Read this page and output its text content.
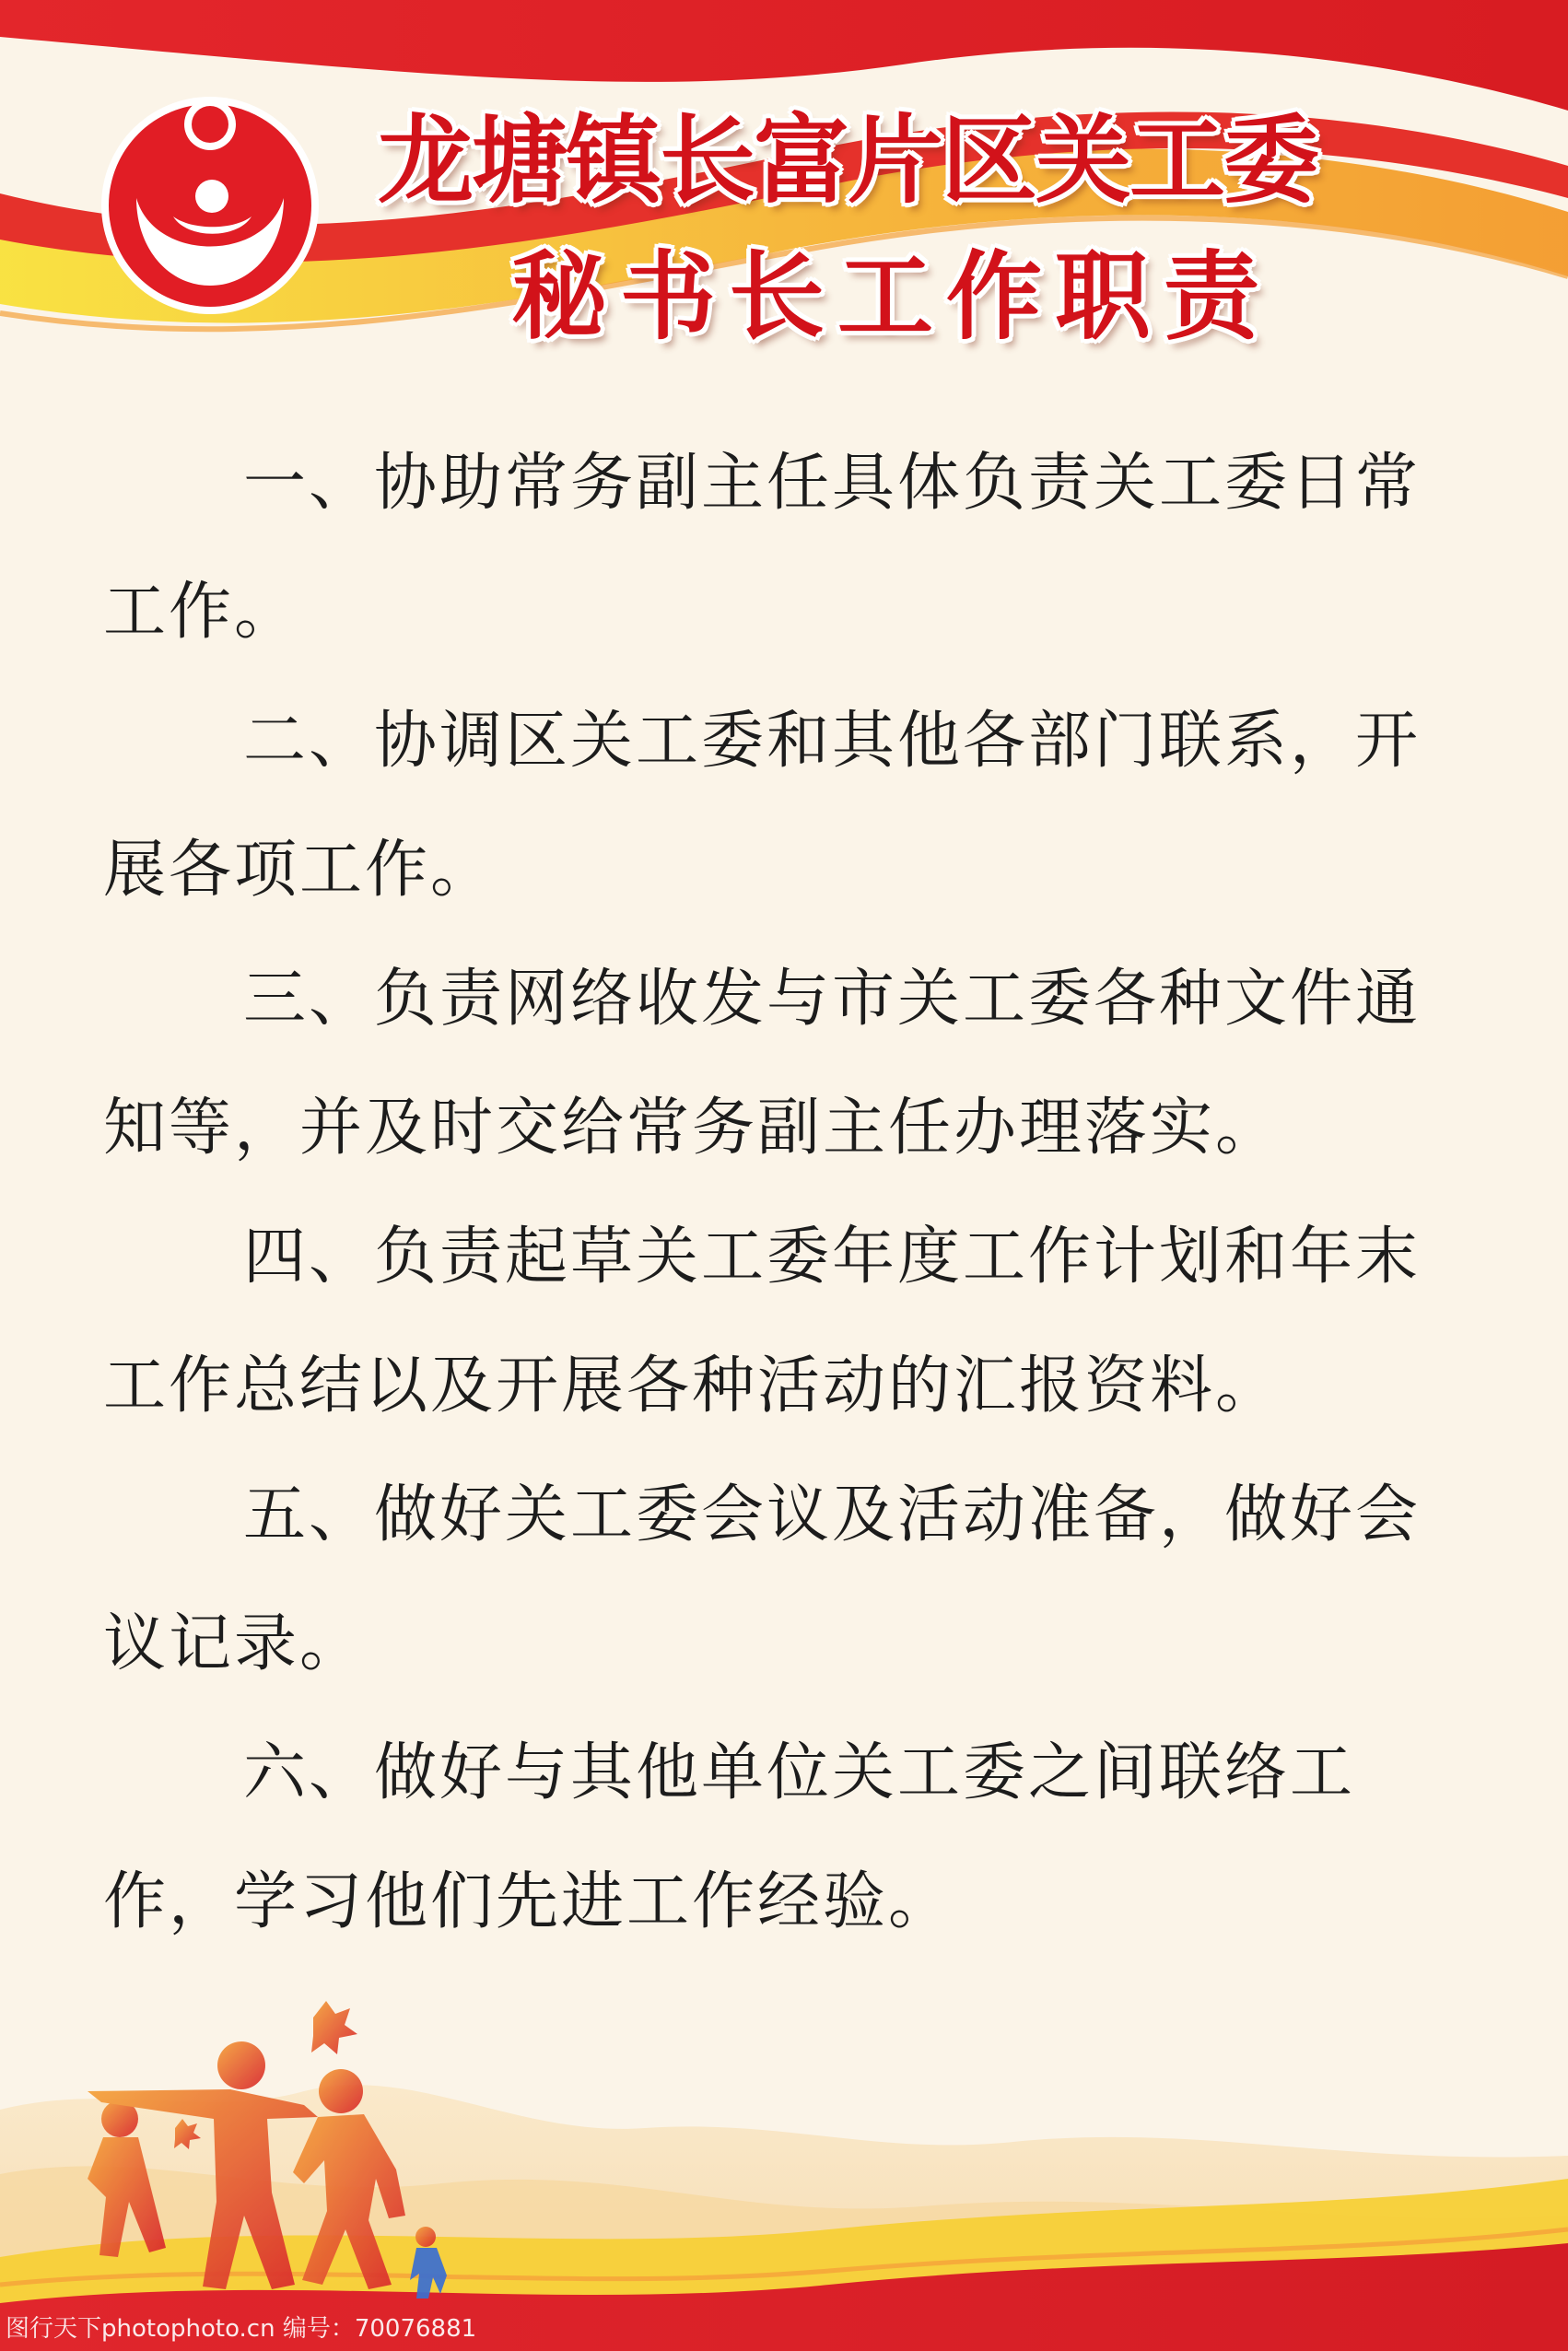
龙塘镇长富片区关工委
秘书长工作职责

一、协助常务副主任具体负责关工委日常工作。

二、协调区关工委和其他各部门联系，开展各项工作。

三、负责网络收发与市关工委各种文件通知等，并及时交给常务副主任办理落实。

四、负责起草关工委年度工作计划和年末工作总结以及开展各种活动的汇报资料。

五、做好关工委会议及活动准备，做好会议记录。

六、做好与其他单位关工委之间联络工作，学习他们先进工作经验。

图行天下photophoto.cn 编号：70076881
